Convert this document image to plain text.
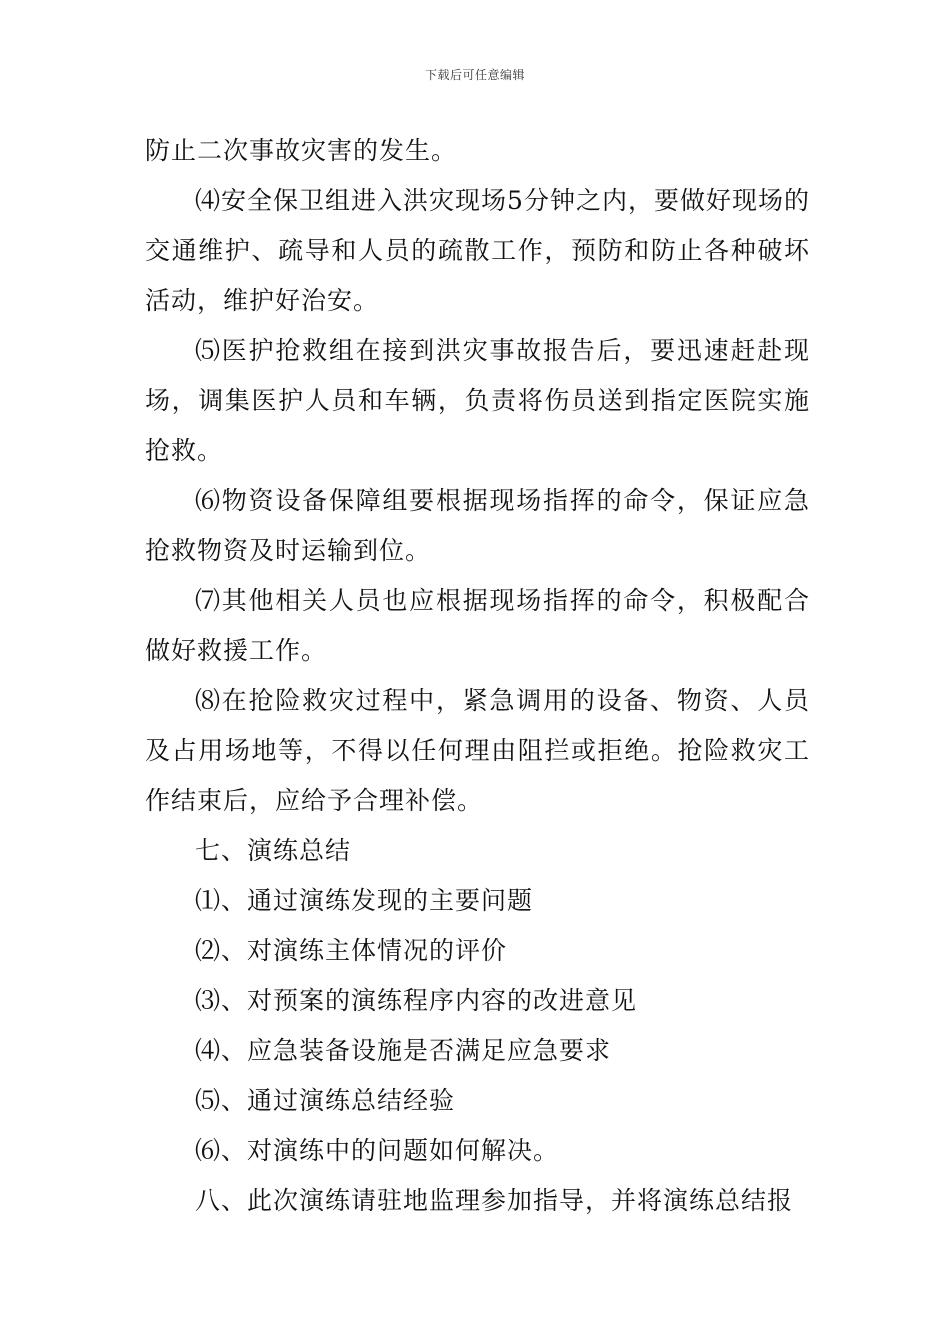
下载后可任意编辑

防止二次事故灾害的发生。

⑷安全保卫组进入洪灾现场5分钟之内，要做好现场的交通维护、疏导和人员的疏散工作，预防和防止各种破坏活动，维护好治安。

⑸医护抢救组在接到洪灾事故报告后，要迅速赶赴现场，调集医护人员和车辆，负责将伤员送到指定医院实施抢救。

⑹物资设备保障组要根据现场指挥的命令，保证应急抢救物资及时运输到位。

⑺其他相关人员也应根据现场指挥的命令，积极配合做好救援工作。

⑻在抢险救灾过程中，紧急调用的设备、物资、人员及占用场地等，不得以任何理由阻拦或拒绝。抢险救灾工作结束后，应给予合理补偿。

七、演练总结

⑴、通过演练发现的主要问题

⑵、对演练主体情况的评价

⑶、对预案的演练程序内容的改进意见

⑷、应急装备设施是否满足应急要求

⑸、通过演练总结经验

⑹、对演练中的问题如何解决。

八、此次演练请驻地监理参加指导，并将演练总结报
